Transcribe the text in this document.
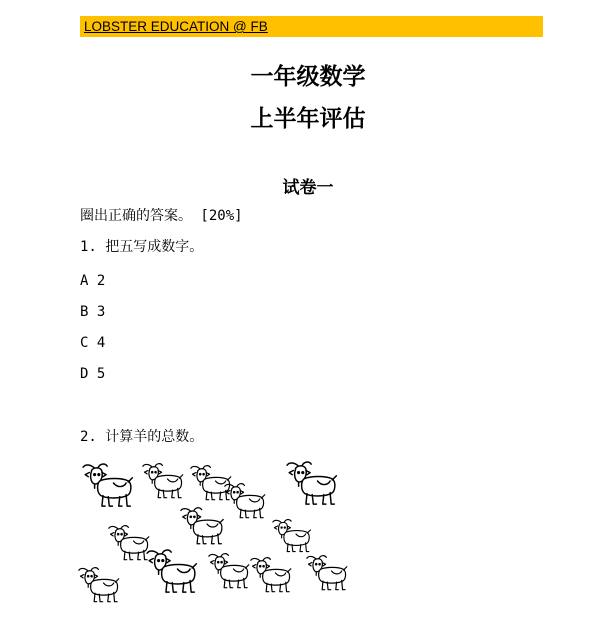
LOBSTER EDUCATION @ FB
一年级数学
上半年评估
试卷一
圈出正确的答案。 [20%]
1. 把五写成数字。
A 2
B 3
C 4
D 5
2. 计算羊的总数。
